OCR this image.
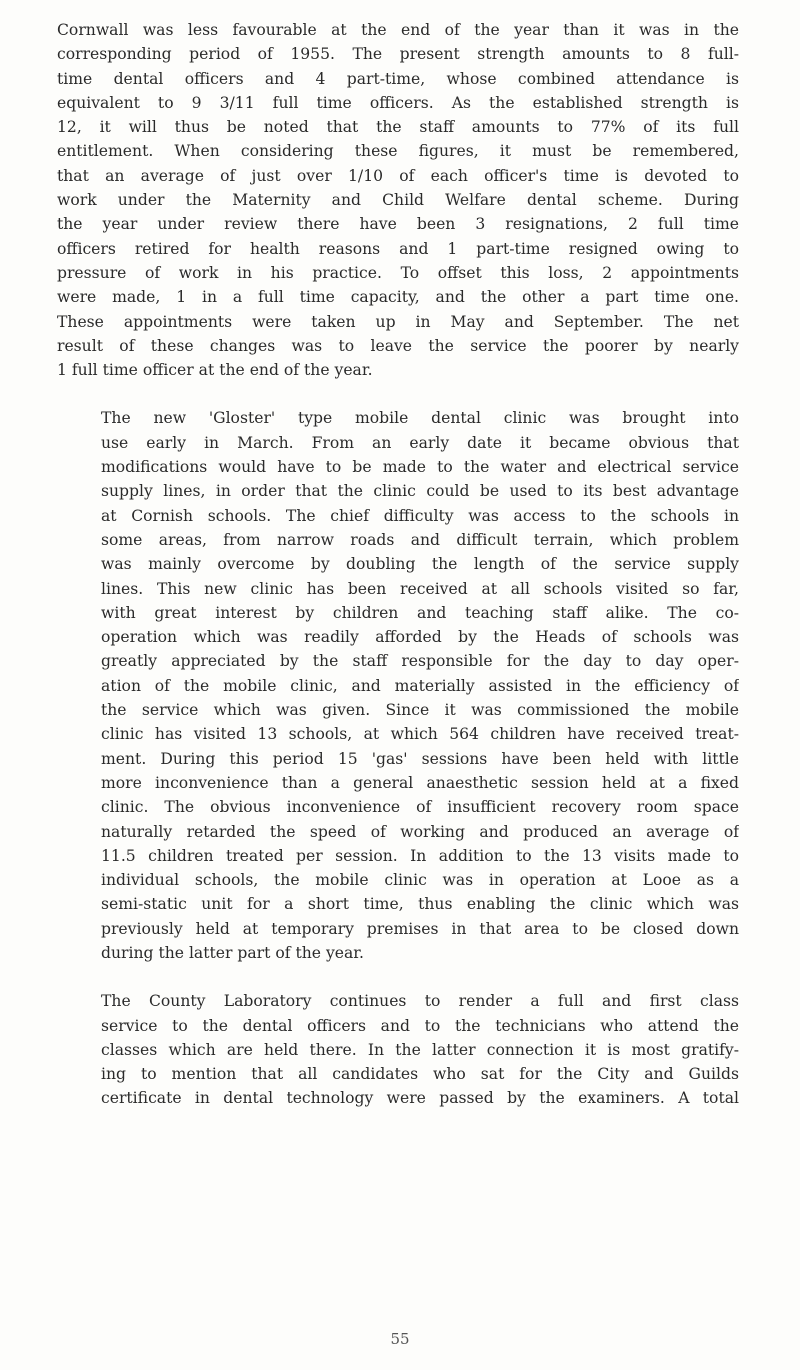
Cornwall was less favourable at the end of the year than it was in the
corresponding period of 1955. The present strength amounts to 8 full-
time dental officers and 4 part-time, whose combined attendance is
equivalent to 9 3/11 full time officers. As the established strength is
12, it will thus be noted that the staff amounts to 77% of its full
entitlement. When considering these figures, it must be remembered,
that an average of just over 1/10 of each officer's time is devoted to
work under the Maternity and Child Welfare dental scheme. During
the year under review there have been 3 resignations, 2 full time
officers retired for health reasons and 1 part-time resigned owing to
pressure of work in his practice. To offset this loss, 2 appointments
were made, 1 in a full time capacity, and the other a part time one.
These appointments were taken up in May and September. The net
result of these changes was to leave the service the poorer by nearly
1 full time officer at the end of the year.
The new 'Gloster' type mobile dental clinic was brought into
use early in March. From an early date it became obvious that
modifications would have to be made to the water and electrical service
supply lines, in order that the clinic could be used to its best advantage
at Cornish schools. The chief difficulty was access to the schools in
some areas, from narrow roads and difficult terrain, which problem
was mainly overcome by doubling the length of the service supply
lines. This new clinic has been received at all schools visited so far,
with great interest by children and teaching staff alike. The co-
operation which was readily afforded by the Heads of schools was
greatly appreciated by the staff responsible for the day to day oper-
ation of the mobile clinic, and materially assisted in the efficiency of
the service which was given. Since it was commissioned the mobile
clinic has visited 13 schools, at which 564 children have received treat-
ment. During this period 15 'gas' sessions have been held with little
more inconvenience than a general anaesthetic session held at a fixed
clinic. The obvious inconvenience of insufficient recovery room space
naturally retarded the speed of working and produced an average of
11.5 children treated per session. In addition to the 13 visits made to
individual schools, the mobile clinic was in operation at Looe as a
semi-static unit for a short time, thus enabling the clinic which was
previously held at temporary premises in that area to be closed down
during the latter part of the year.
The County Laboratory continues to render a full and first class
service to the dental officers and to the technicians who attend the
classes which are held there. In the latter connection it is most gratify-
ing to mention that all candidates who sat for the City and Guilds
certificate in dental technology were passed by the examiners. A total
55
